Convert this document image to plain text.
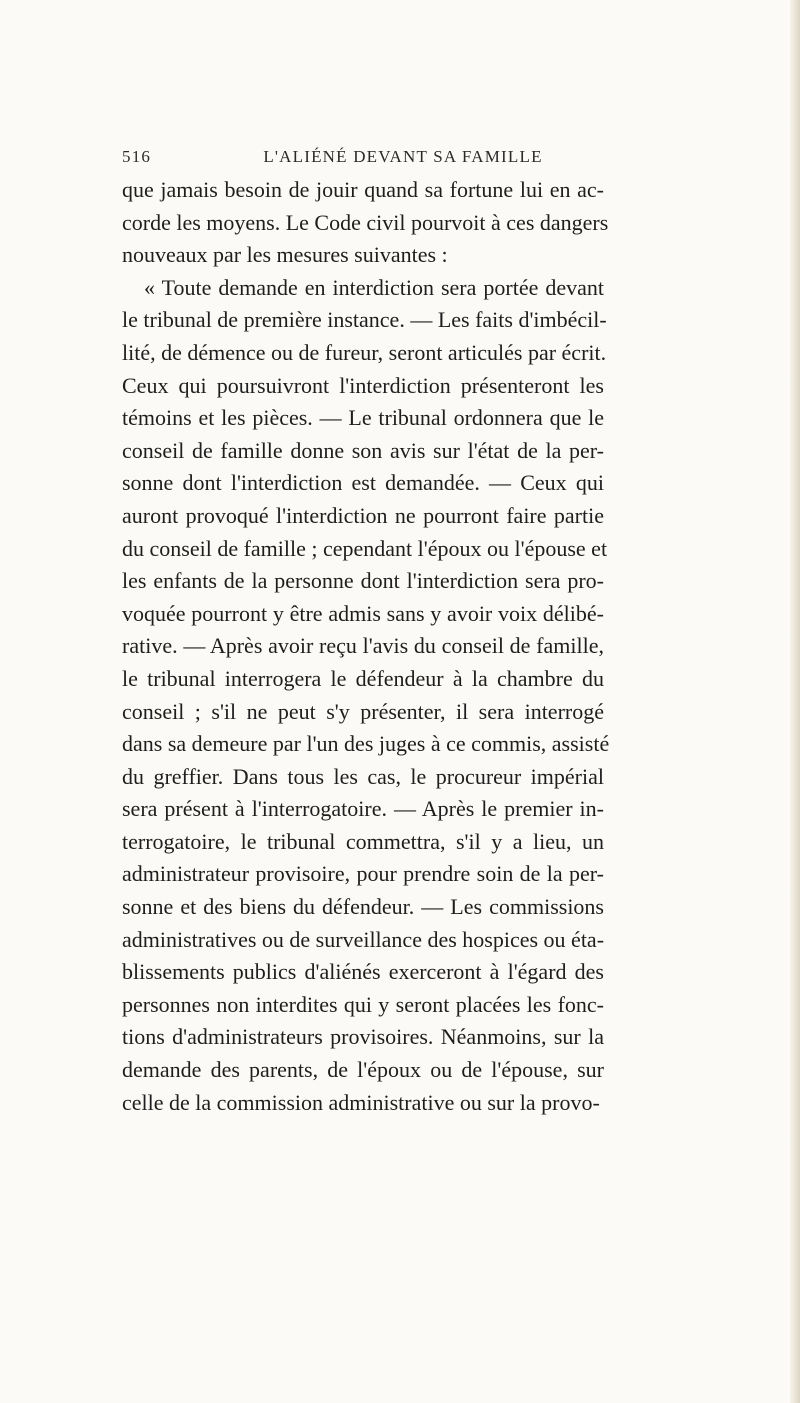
516	L'ALIÉNÉ DEVANT SA FAMILLE
que jamais besoin de jouir quand sa fortune lui en ac-
corde les moyens. Le Code civil pourvoit à ces dangers
nouveaux par les mesures suivantes :
« Toute demande en interdiction sera portée devant
le tribunal de première instance. — Les faits d'imbécil-
lité, de démence ou de fureur, seront articulés par écrit.
Ceux qui poursuivront l'interdiction présenteront les
témoins et les pièces. — Le tribunal ordonnera que le
conseil de famille donne son avis sur l'état de la per-
sonne dont l'interdiction est demandée. — Ceux qui
auront provoqué l'interdiction ne pourront faire partie
du conseil de famille ; cependant l'époux ou l'épouse et
les enfants de la personne dont l'interdiction sera pro-
voquée pourront y être admis sans y avoir voix délibé-
rative. — Après avoir reçu l'avis du conseil de famille,
le tribunal interrogera le défendeur à la chambre du
conseil ; s'il ne peut s'y présenter, il sera interrogé
dans sa demeure par l'un des juges à ce commis, assisté
du greffier. Dans tous les cas, le procureur impérial
sera présent à l'interrogatoire. — Après le premier in-
terrogatoire, le tribunal commettra, s'il y a lieu, un
administrateur provisoire, pour prendre soin de la per-
sonne et des biens du défendeur. — Les commissions
administratives ou de surveillance des hospices ou éta-
blissements publics d'aliénés exerceront à l'égard des
personnes non interdites qui y seront placées les fonc-
tions d'administrateurs provisoires. Néanmoins, sur la
demande des parents, de l'époux ou de l'épouse, sur
celle de la commission administrative ou sur la provo-
